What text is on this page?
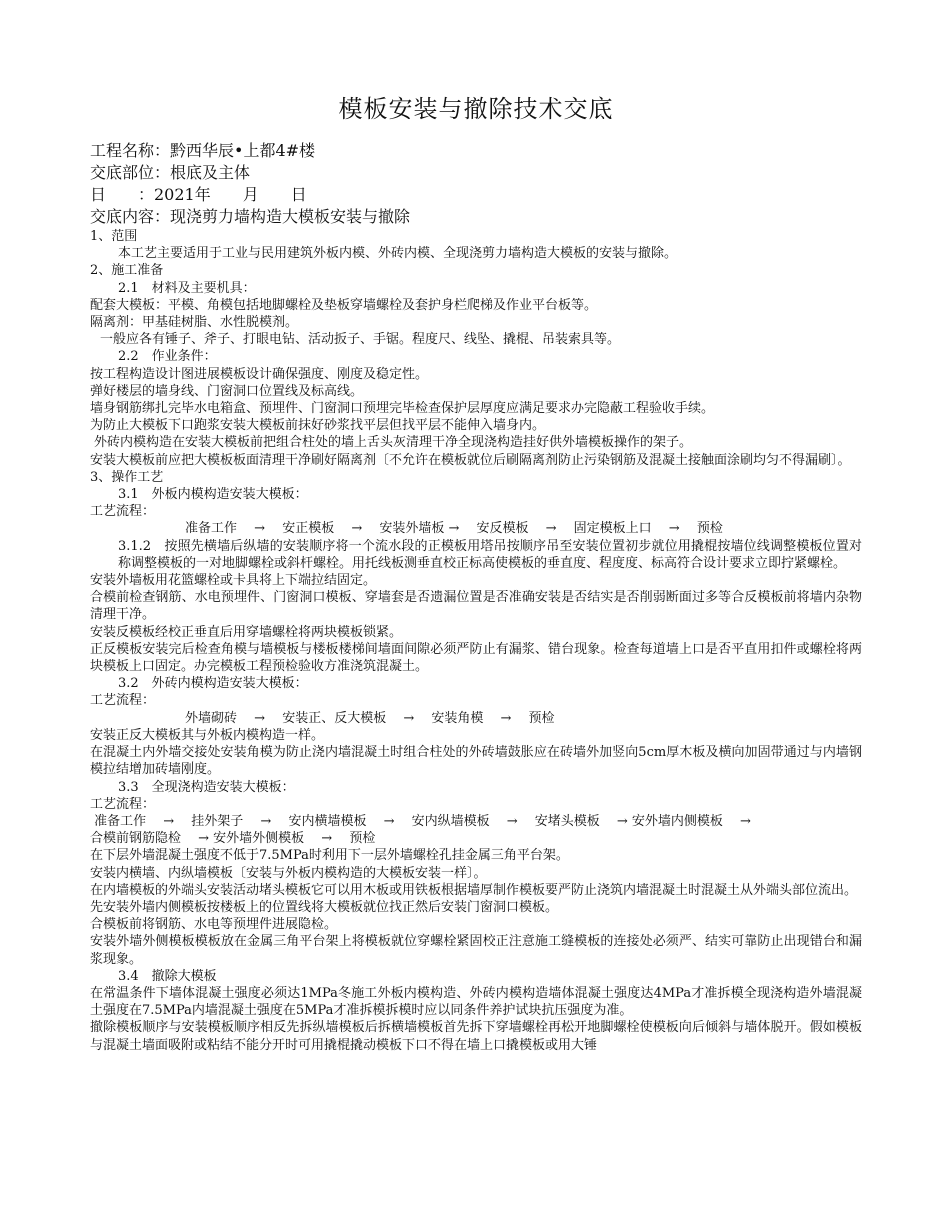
模板安装与撤除技术交底
工程名称：黔西华辰•上都4#楼
交底部位：根底及主体
日　　：2021年　　月　　日
交底内容：现浇剪力墙构造大模板安装与撤除
1、范围
本工艺主要适用于工业与民用建筑外板内模、外砖内模、全现浇剪力墙构造大模板的安装与撤除。
2、施工准备
2.1　材料及主要机具：
配套大模板：平模、角模包括地脚螺栓及垫板穿墙螺栓及套护身栏爬梯及作业平台板等。
隔离剂：甲基硅树脂、水性脱模剂。
一般应各有锤子、斧子、打眼电钻、活动扳子、手锯。程度尺、线坠、撬棍、吊装索具等。
2.2　作业条件：
按工程构造设计图进展模板设计确保强度、刚度及稳定性。
弹好楼层的墙身线、门窗洞口位置线及标高线。
墙身钢筋绑扎完毕水电箱盒、预埋件、门窗洞口预埋完毕检查保护层厚度应满足要求办完隐蔽工程验收手续。
为防止大模板下口跑浆安装大模板前抹好砂浆找平层但找平层不能伸入墙身内。
外砖内模构造在安装大模板前把组合柱处的墙上舌头灰清理干净全现浇构造挂好供外墙模板操作的架子。
安装大模板前应把大模板板面清理干净刷好隔离剂〔不允许在模板就位后刷隔离剂防止污染钢筋及混凝土接触面涂刷均匀不得漏刷〕。
3、操作工艺
3.1　外板内模构造安装大模板：
工艺流程：
准备工作　 →　 安正模板　 →　 安装外墙板 →　 安反模板　 →　 固定模板上口　 →　 预检
3.1.2　按照先横墙后纵墙的安装顺序将一个流水段的正模板用塔吊按顺序吊至安装位置初步就位用撬棍按墙位线调整模板位置对称调整模板的一对地脚螺栓或斜杆螺栓。用托线板测垂直校正标高使模板的垂直度、程度度、标高符合设计要求立即拧紧螺栓。
安装外墙板用花篮螺栓或卡具将上下端拉结固定。
合模前检查钢筋、水电预埋件、门窗洞口模板、穿墙套是否遗漏位置是否准确安装是否结实是否削弱断面过多等合反模板前将墙内杂物清理干净。
安装反模板经校正垂直后用穿墙螺栓将两块模板锁紧。
正反模板安装完后检查角模与墙模板与楼板楼梯间墙面间隙必须严防止有漏浆、错台现象。检查每道墙上口是否平直用扣件或螺栓将两块模板上口固定。办完模板工程预检验收方准浇筑混凝土。
3.2　外砖内模构造安装大模板：
工艺流程：
外墙砌砖　 →　 安装正、反大模板　 →　 安装角模　 →　 预检
安装正反大模板其与外板内模构造一样。
在混凝土内外墙交接处安装角模为防止浇内墙混凝土时组合柱处的外砖墙鼓胀应在砖墙外加竖向5cm厚木板及横向加固带通过与内墙钢模拉结增加砖墙刚度。
3.3　全现浇构造安装大模板：
工艺流程：
准备工作　 →　 挂外架子　 →　 安内横墙模板　 →　 安内纵墙模板　 →　 安堵头模板　 → 安外墙内侧模板　 →
合模前钢筋隐检　 → 安外墙外侧模板　 →　 预检
在下层外墙混凝土强度不低于7.5MPa时利用下一层外墙螺栓孔挂金属三角平台架。
安装内横墙、内纵墙模板〔安装与外板内模构造的大模板安装一样〕。
在内墙模板的外端头安装活动堵头模板它可以用木板或用铁板根据墙厚制作模板要严防止浇筑内墙混凝土时混凝土从外端头部位流出。
先安装外墙内侧模板按楼板上的位置线将大模板就位找正然后安装门窗洞口模板。
合模板前将钢筋、水电等预埋件进展隐检。
安装外墙外侧模板模板放在金属三角平台架上将模板就位穿螺栓紧固校正注意施工缝模板的连接处必须严、结实可靠防止出现错台和漏浆现象。
3.4　撤除大模板
在常温条件下墙体混凝土强度必须达1MPa冬施工外板内模构造、外砖内模构造墙体混凝土强度达4MPa才准拆模全现浇构造外墙混凝土强度在7.5MPa内墙混凝土强度在5MPa才准拆模拆模时应以同条件养护试块抗压强度为准。
撤除模板顺序与安装模板顺序相反先拆纵墙模板后拆横墙模板首先拆下穿墙螺栓再松开地脚螺栓使模板向后倾斜与墙体脱开。假如模板与混凝土墙面吸附或粘结不能分开时可用撬棍撬动模板下口不得在墙上口撬模板或用大锤
